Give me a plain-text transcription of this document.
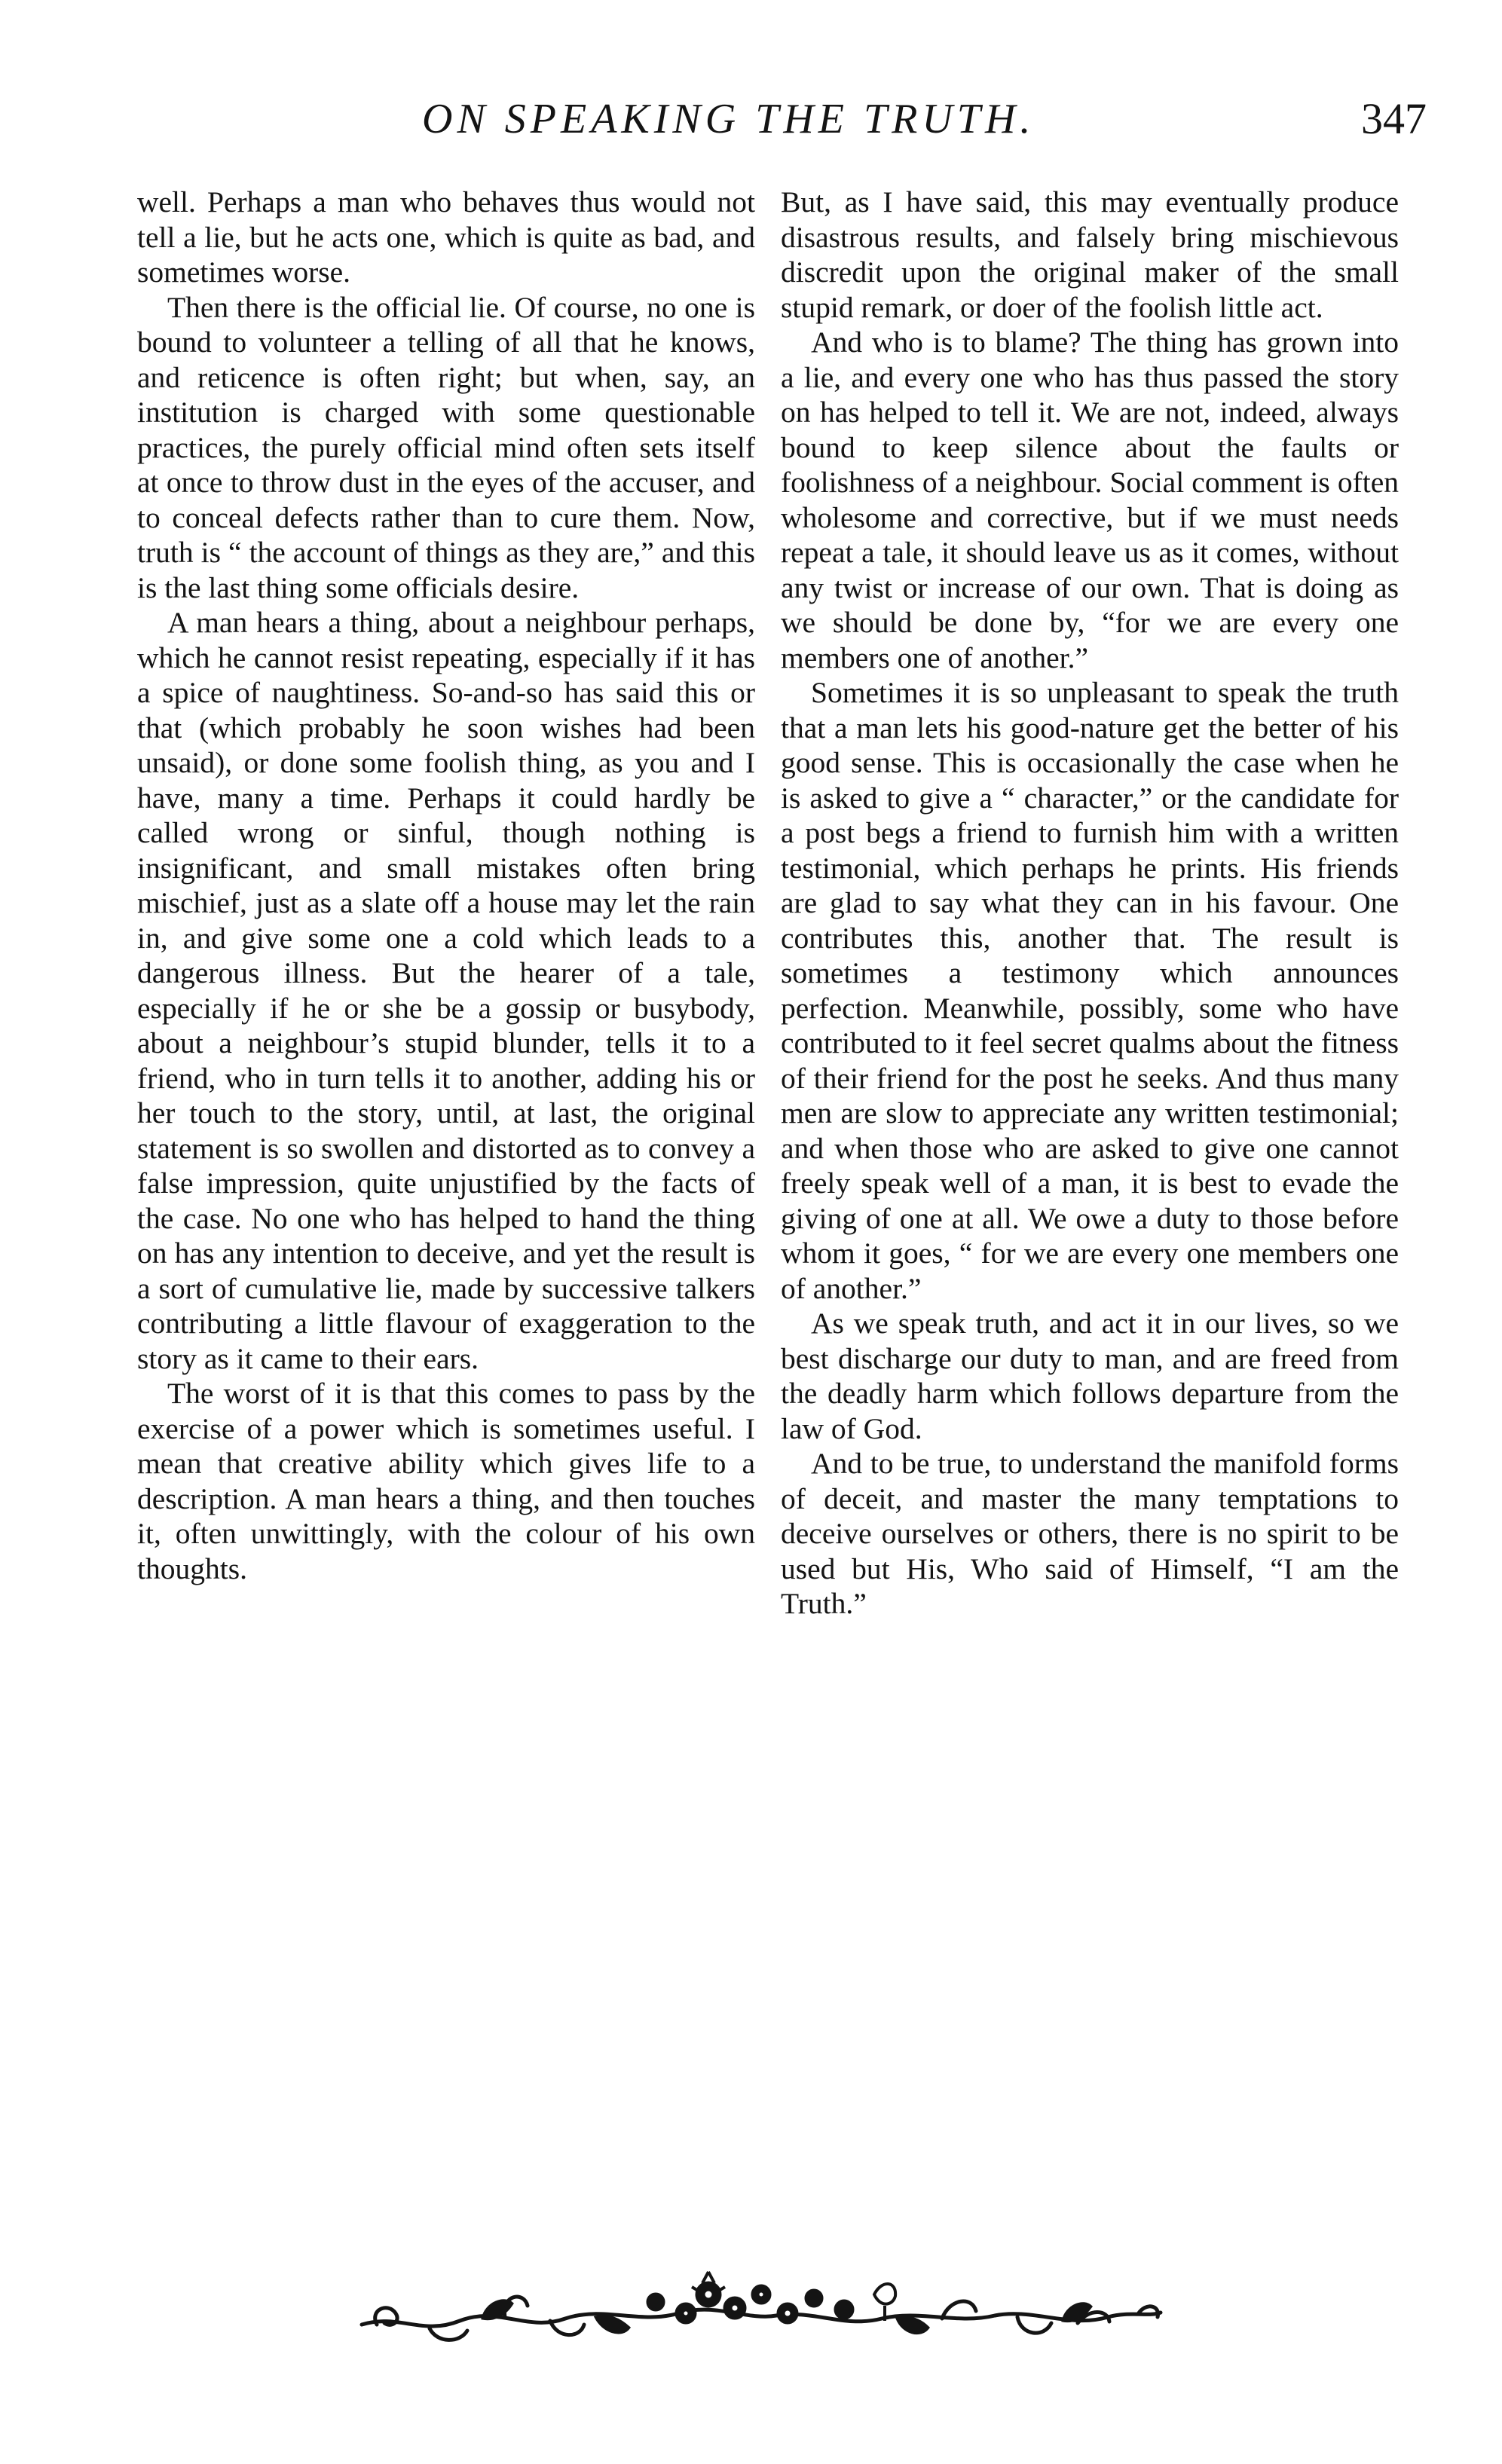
ON SPEAKING THE TRUTH.	347

well. Perhaps a man who behaves thus would not tell a lie, but he acts one, which is quite as bad, and sometimes worse.

Then there is the official lie. Of course, no one is bound to volunteer a telling of all that he knows, and reticence is often right; but when, say, an institution is charged with some questionable practices, the purely official mind often sets itself at once to throw dust in the eyes of the accuser, and to conceal defects rather than to cure them. Now, truth is “ the account of things as they are,” and this is the last thing some officials desire.

A man hears a thing, about a neighbour perhaps, which he cannot resist repeating, especially if it has a spice of naughtiness. So-and-so has said this or that (which probably he soon wishes had been unsaid), or done some foolish thing, as you and I have, many a time. Perhaps it could hardly be called wrong or sinful, though nothing is insignificant, and small mistakes often bring mischief, just as a slate off a house may let the rain in, and give some one a cold which leads to a dangerous illness. But the hearer of a tale, especially if he or she be a gossip or busybody, about a neighbour’s stupid blunder, tells it to a friend, who in turn tells it to another, adding his or her touch to the story, until, at last, the original statement is so swollen and distorted as to convey a false impression, quite unjustified by the facts of the case. No one who has helped to hand the thing on has any intention to deceive, and yet the result is a sort of cumulative lie, made by successive talkers contributing a little flavour of exaggeration to the story as it came to their ears.

The worst of it is that this comes to pass by the exercise of a power which is sometimes useful. I mean that creative ability which gives life to a description. A man hears a thing, and then touches it, often unwittingly, with the colour of his own thoughts.

But, as I have said, this may eventually produce disastrous results, and falsely bring mischievous discredit upon the original maker of the small stupid remark, or doer of the foolish little act.

And who is to blame? The thing has grown into a lie, and every one who has thus passed the story on has helped to tell it. We are not, indeed, always bound to keep silence about the faults or foolishness of a neighbour. Social comment is often wholesome and corrective, but if we must needs repeat a tale, it should leave us as it comes, without any twist or increase of our own. That is doing as we should be done by, “for we are every one members one of another.”

Sometimes it is so unpleasant to speak the truth that a man lets his good-nature get the better of his good sense. This is occasionally the case when he is asked to give a “ character,” or the candidate for a post begs a friend to furnish him with a written testimonial, which perhaps he prints. His friends are glad to say what they can in his favour. One contributes this, another that. The result is sometimes a testimony which announces perfection. Meanwhile, possibly, some who have contributed to it feel secret qualms about the fitness of their friend for the post he seeks. And thus many men are slow to appreciate any written testimonial; and when those who are asked to give one cannot freely speak well of a man, it is best to evade the giving of one at all. We owe a duty to those before whom it goes, “ for we are every one members one of another.”

As we speak truth, and act it in our lives, so we best discharge our duty to man, and are freed from the deadly harm which follows departure from the law of God.

And to be true, to understand the manifold forms of deceit, and master the many temptations to deceive ourselves or others, there is no spirit to be used but His, Who said of Himself, “I am the Truth.”
